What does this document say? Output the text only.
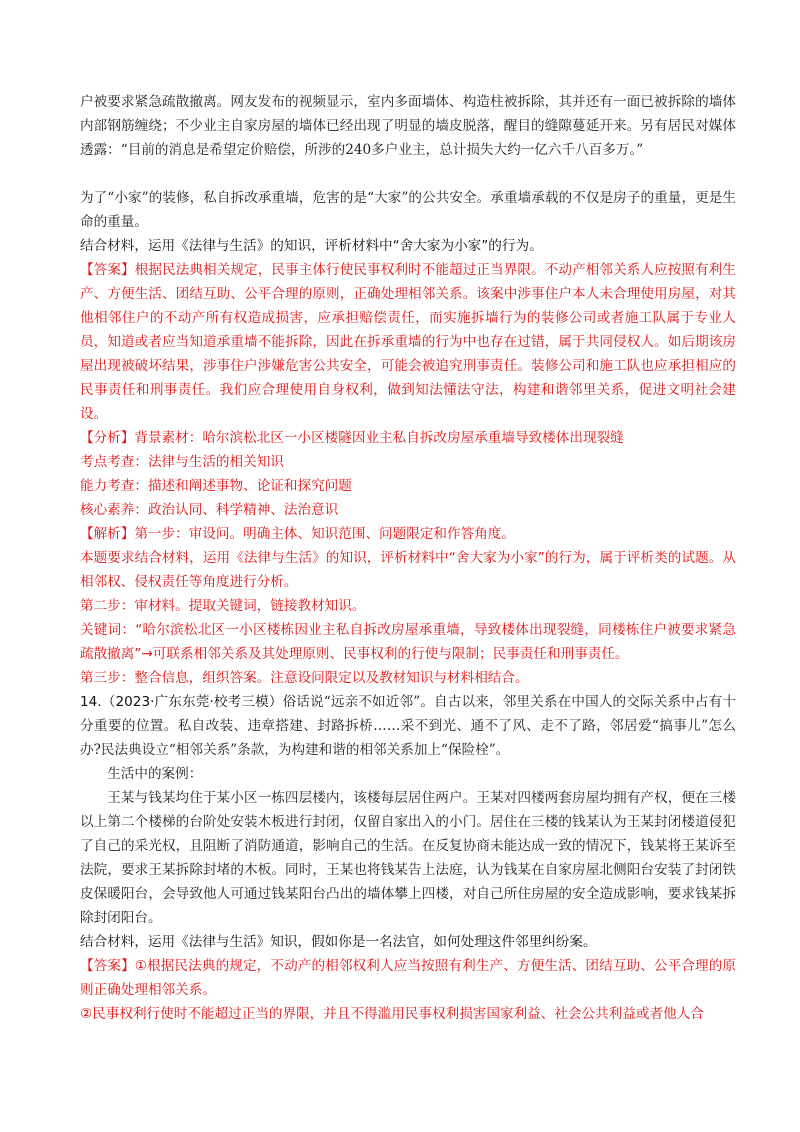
户被要求紧急疏散撤离。网友发布的视频显示，室内多面墙体、构造柱被拆除，其并还有一面已被拆除的墙体内部钢筋缠绕；不少业主自家房屋的墙体已经出现了明显的墙皮脱落，醒目的缝隙蔓延开来。另有居民对媒体透露：“目前的消息是希望定价赔偿，所涉的240多户业主，总计损失大约一亿六千八百多万。”

为了“小家”的装修，私自拆改承重墙，危害的是“大家”的公共安全。承重墙承载的不仅是房子的重量，更是生命的重量。

结合材料，运用《法律与生活》的知识，评析材料中“舍大家为小家”的行为。

【答案】根据民法典相关规定，民事主体行使民事权利时不能超过正当界限。不动产相邻关系人应按照有利生产、方便生活、团结互助、公平合理的原则，正确处理相邻关系。该案中涉事住户本人未合理使用房屋，对其他相邻住户的不动产所有权造成损害，应承担赔偿责任，而实施拆墙行为的装修公司或者施工队属于专业人员，知道或者应当知道承重墙不能拆除，因此在拆承重墙的行为中也存在过错，属于共同侵权人。如后期该房屋出现被破坏结果，涉事住户涉嫌危害公共安全，可能会被追究刑事责任。装修公司和施工队也应承担相应的民事责任和刑事责任。我们应合理使用自身权利，做到知法懂法守法，构建和谐邻里关系，促进文明社会建设。

【分析】背景素材：哈尔滨松北区一小区楼隧因业主私自拆改房屋承重墙导致楼体出现裂缝

考点考查：法律与生活的相关知识

能力考查：描述和阐述事物、论证和探究问题

核心素养：政治认同、科学精神、法治意识

【解析】第一步：审设问。明确主体、知识范围、问题限定和作答角度。

本题要求结合材料，运用《法律与生活》的知识，评析材料中“舍大家为小家”的行为，属于评析类的试题。从相邻权、侵权责任等角度进行分析。

第二步：审材料。提取关键词，链接教材知识。

关键词：“哈尔滨松北区一小区楼栋因业主私自拆改房屋承重墙，导致楼体出现裂缝，同楼栋住户被要求紧急疏散撤离”→可联系相邻关系及其处理原则、民事权利的行使与限制；民事责任和刑事责任。

第三步：整合信息，组织答案。注意设问限定以及教材知识与材料相结合。

14.（2023·广东东莞·校考三模）俗话说“远亲不如近邻”。自古以来，邻里关系在中国人的交际关系中占有十分重要的位置。私自改装、违章搭建、封路拆桥……采不到光、通不了风、走不了路，邻居爱“搞事儿”怎么办?民法典设立“相邻关系”条款，为构建和谐的相邻关系加上“保险栓”。

生活中的案例：

王某与钱某均住于某小区一栋四层楼内，该楼每层居住两户。王某对四楼两套房屋均拥有产权，便在三楼以上第二个楼梯的台阶处安装木板进行封闭，仅留自家出入的小门。居住在三楼的钱某认为王某封闭楼道侵犯了自己的采光权，且阻断了消防通道，影响自己的生活。在反复协商未能达成一致的情况下，钱某将王某诉至法院，要求王某拆除封堵的木板。同时，王某也将钱某告上法庭，认为钱某在自家房屋北侧阳台安装了封闭铁皮保暖阳台，会导致他人可通过钱某阳台凸出的墙体攀上四楼，对自己所住房屋的安全造成影响，要求钱某拆除封闭阳台。

结合材料，运用《法律与生活》知识，假如你是一名法官，如何处理这件邻里纠纷案。

【答案】①根据民法典的规定，不动产的相邻权利人应当按照有利生产、方便生活、团结互助、公平合理的原则正确处理相邻关系。

②民事权利行使时不能超过正当的界限，并且不得滥用民事权利损害国家利益、社会公共利益或者他人合
